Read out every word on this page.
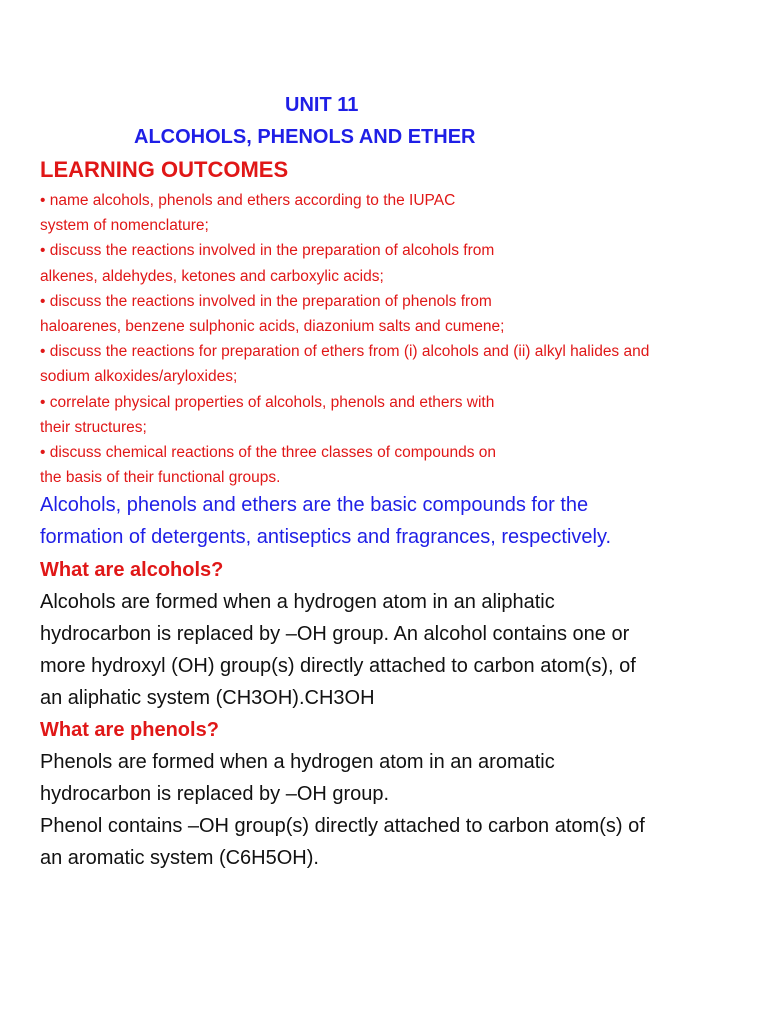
UNIT 11
ALCOHOLS, PHENOLS AND ETHER
LEARNING OUTCOMES
• name alcohols, phenols and ethers according to the IUPAC
system of nomenclature;
• discuss the reactions involved in the preparation of alcohols from
alkenes, aldehydes, ketones and carboxylic acids;
• discuss the reactions involved in the preparation of phenols from
haloarenes, benzene sulphonic acids, diazonium salts and cumene;
• discuss the reactions for preparation of ethers from (i) alcohols and (ii) alkyl halides and
sodium alkoxides/aryloxides;
• correlate physical properties of alcohols, phenols and ethers with
their structures;
• discuss chemical reactions of the three classes of compounds on
the basis of their functional groups.

Alcohols, phenols and ethers are the basic compounds for the
formation of detergents, antiseptics and fragrances, respectively.

What are alcohols?

Alcohols are formed when a hydrogen atom in an aliphatic
hydrocarbon is replaced by –OH group. An alcohol contains one or
more hydroxyl (OH) group(s) directly attached to carbon atom(s), of
an aliphatic system (CH3OH).CH3OH

What are phenols?

Phenols are formed when a hydrogen atom in an aromatic
hydrocarbon is replaced by –OH group.
Phenol contains –OH group(s) directly attached to carbon atom(s) of
an aromatic system (C6H5OH).
